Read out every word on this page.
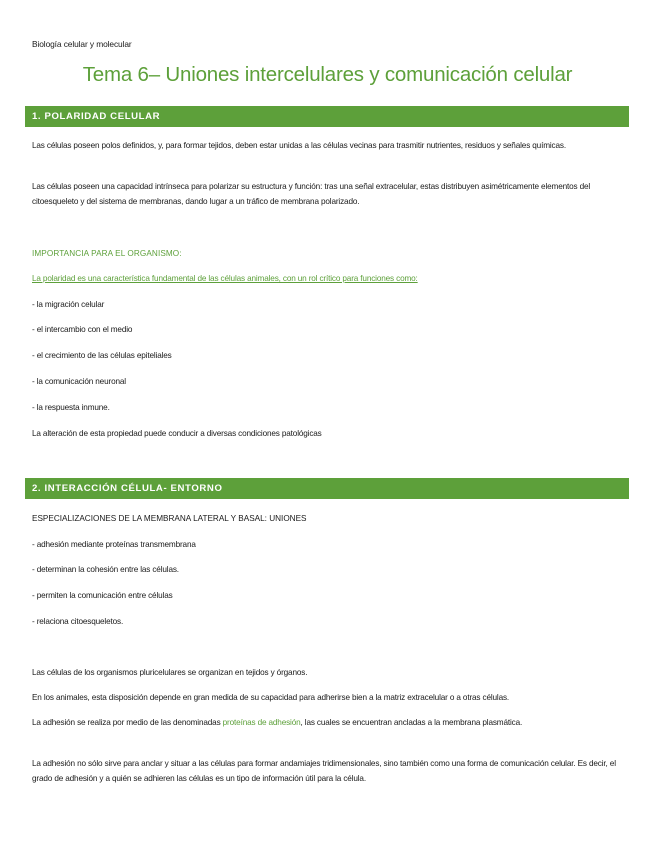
Biología celular y molecular
Tema 6– Uniones intercelulares y comunicación celular
1. POLARIDAD CELULAR
Las células poseen polos definidos, y, para formar tejidos, deben estar unidas a las células vecinas para trasmitir nutrientes, residuos y señales químicas.
Las células poseen una capacidad intrínseca para polarizar su estructura y función: tras una señal extracelular, estas distribuyen asimétricamente elementos del citoesqueleto y del sistema de membranas, dando lugar a un tráfico de membrana polarizado.
IMPORTANCIA PARA EL ORGANISMO:
La polaridad es una característica fundamental de las células animales, con un rol crítico para funciones como:
- la migración celular
- el intercambio con el medio
- el crecimiento de las células epiteliales
- la comunicación neuronal
- la respuesta inmune.
La alteración de esta propiedad puede conducir a diversas condiciones patológicas
2. INTERACCIÓN CÉLULA- ENTORNO
ESPECIALIZACIONES DE LA MEMBRANA LATERAL Y BASAL: UNIONES
- adhesión mediante proteínas transmembrana
- determinan la cohesión entre las células.
- permiten la comunicación entre células
- relaciona citoesqueletos.
Las células de los organismos pluricelulares se organizan en tejidos y órganos.
En los animales, esta disposición depende en gran medida de su capacidad para adherirse bien a la matriz extracelular o a otras células.
La adhesión se realiza por medio de las denominadas proteínas de adhesión, las cuales se encuentran ancladas a la membrana plasmática.
La adhesión no sólo sirve para anclar y situar a las células para formar andamiajes tridimensionales, sino también como una forma de comunicación celular. Es decir, el grado de adhesión y a quién se adhieren las células es un tipo de información útil para la célula.
